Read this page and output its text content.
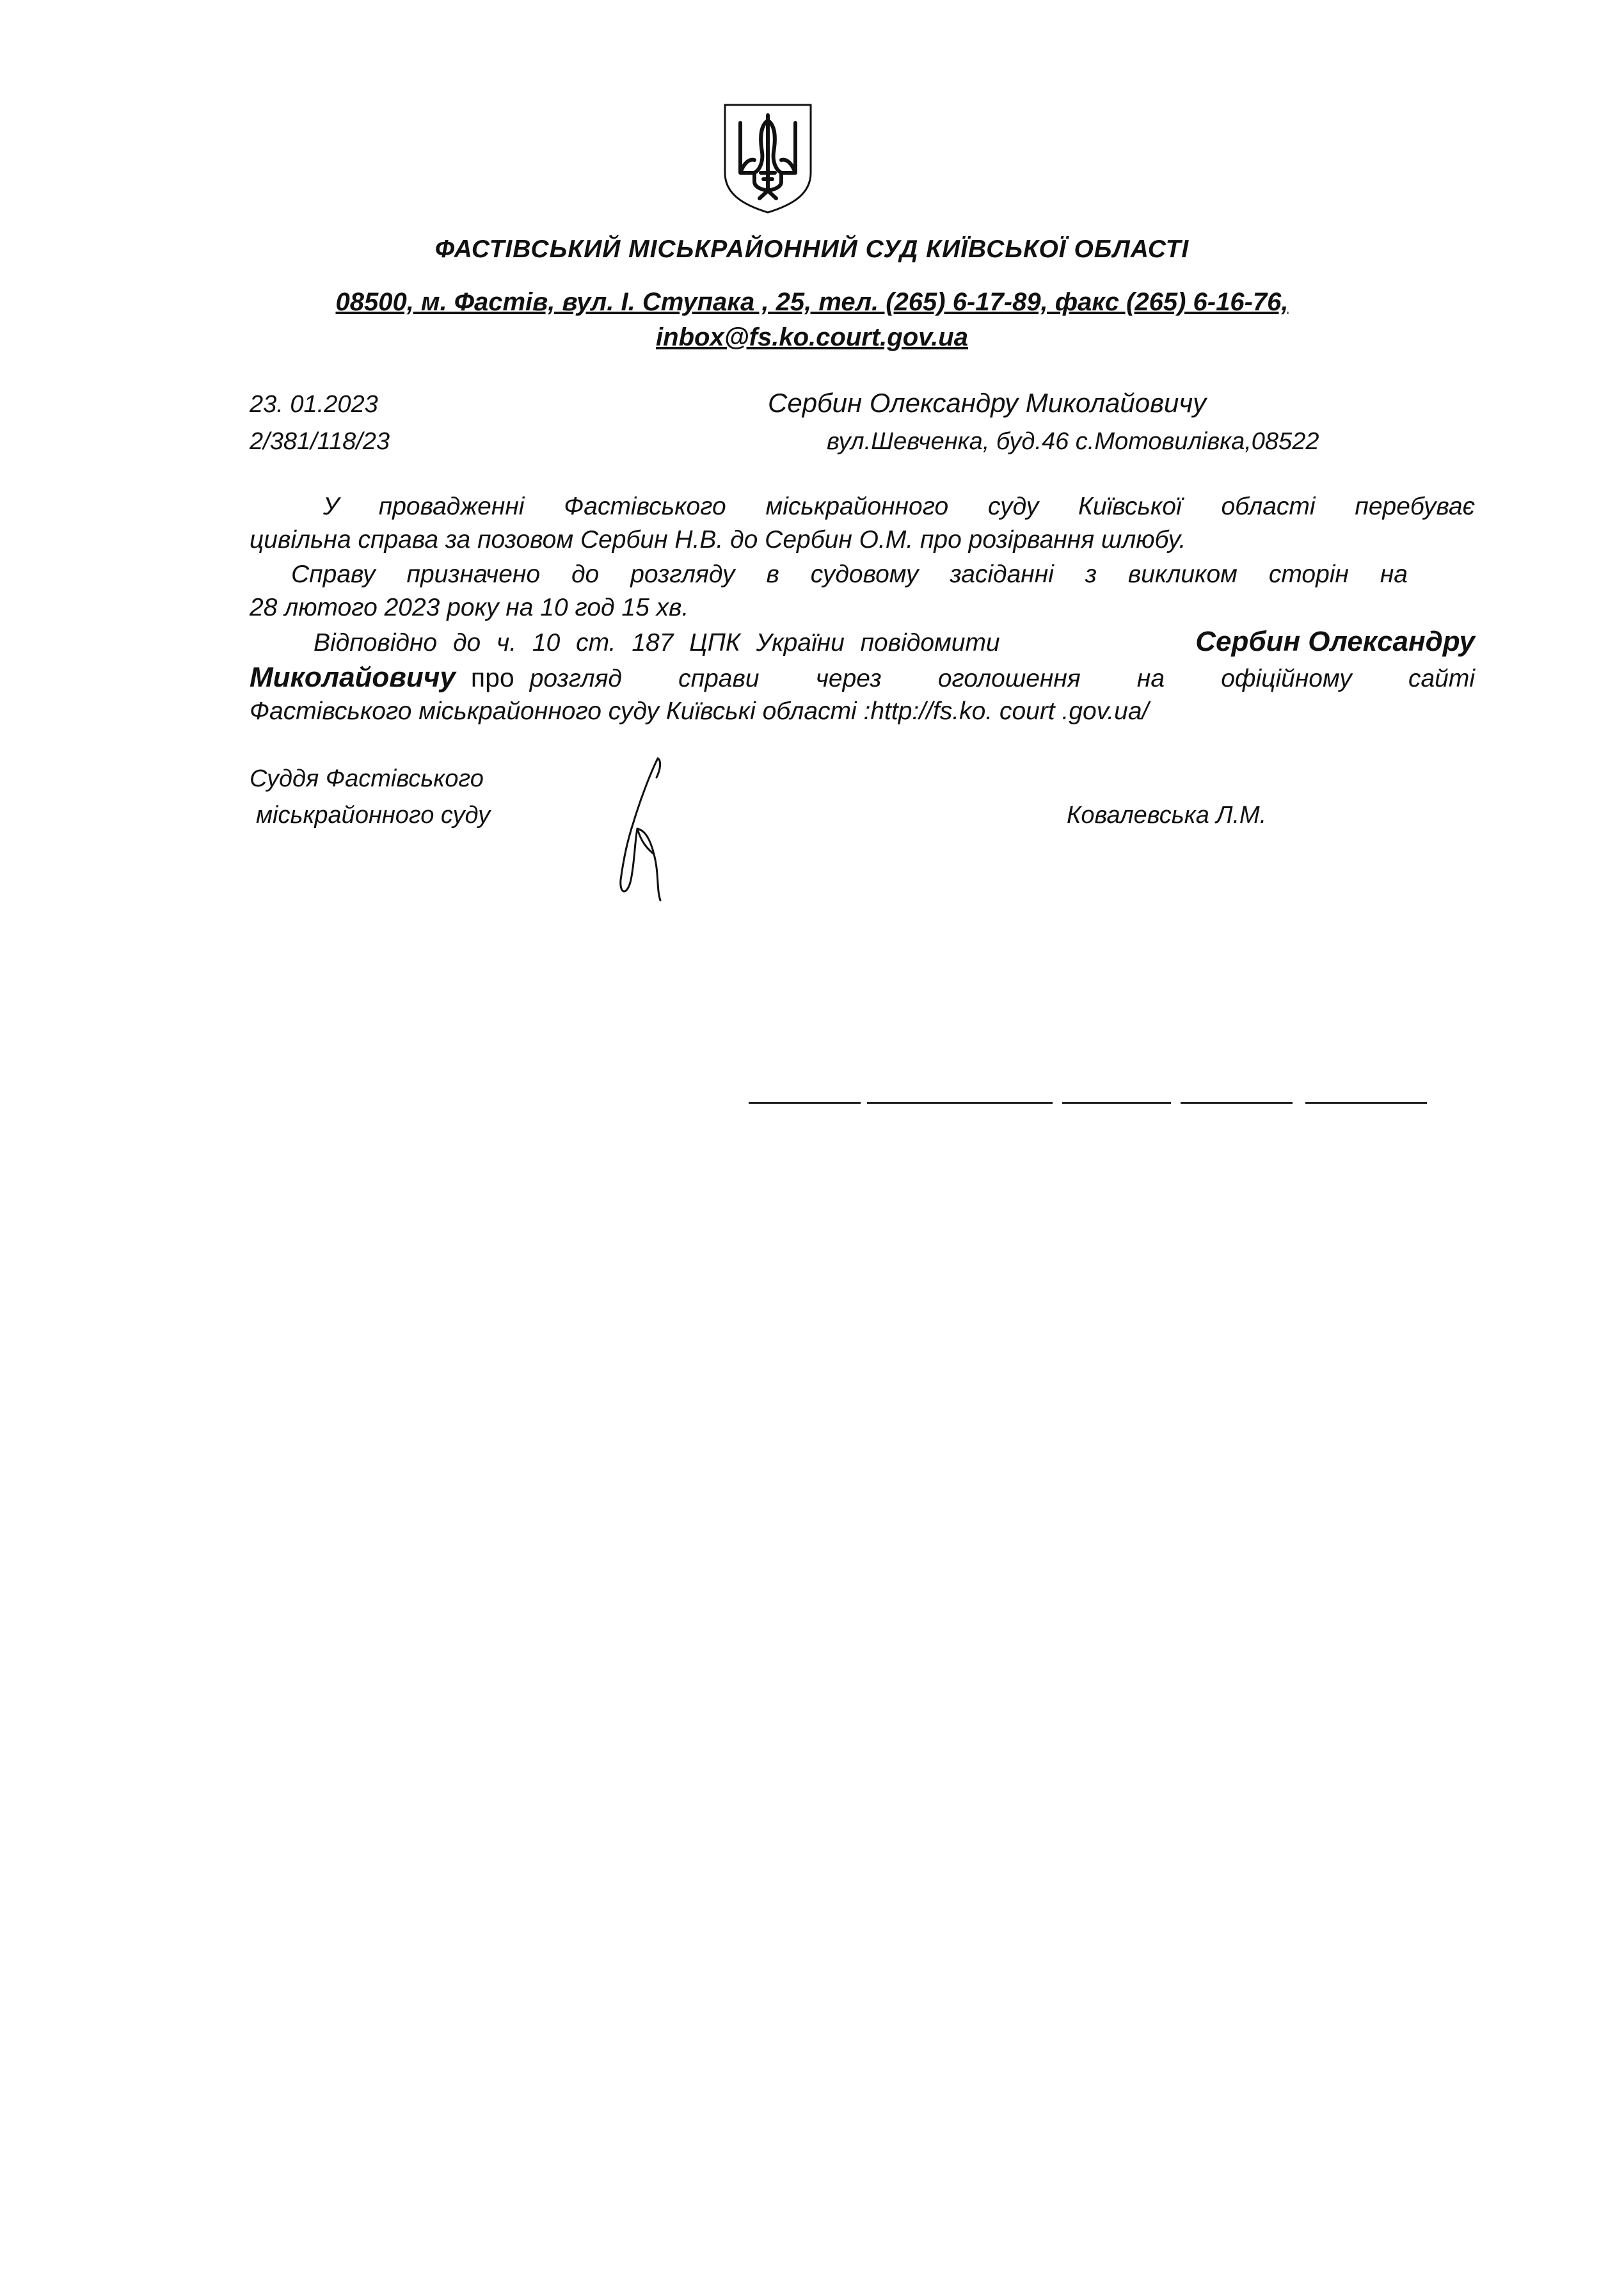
ФАСТІВСЬКИЙ МІСЬКРАЙОННИЙ СУД КИЇВСЬКОЇ ОБЛАСТІ
08500, м. Фастів, вул. І. Ступака , 25, тел. (265) 6-17-89, факс (265) 6-16-76,
inbox@fs.ko.court.gov.ua
23. 01.2023
2/381/118/23
Сербин Олександру Миколайовичу
вул.Шевченка, буд.46 с.Мотовилівка,08522
У провадженні Фастівського міськрайонного суду Київської області перебуває
цивільна справа за позовом Сербин Н.В. до Сербин О.М. про розірвання шлюбу.
Справу призначено до розгляду в судовому засіданні з викликом сторін на
28 лютого 2023 року на 10 год 15 хв.
Відповідно до ч. 10 ст. 187 ЦПК України повідомити	Сербин Олександру
Миколайовичу про розгляд справи через оголошення на офіційному сайті
Фастівського міськрайонного суду Київські області :http://fs.ko. court .gov.ua/
Суддя Фастівського
міськрайонного суду	Ковалевська Л.М.
